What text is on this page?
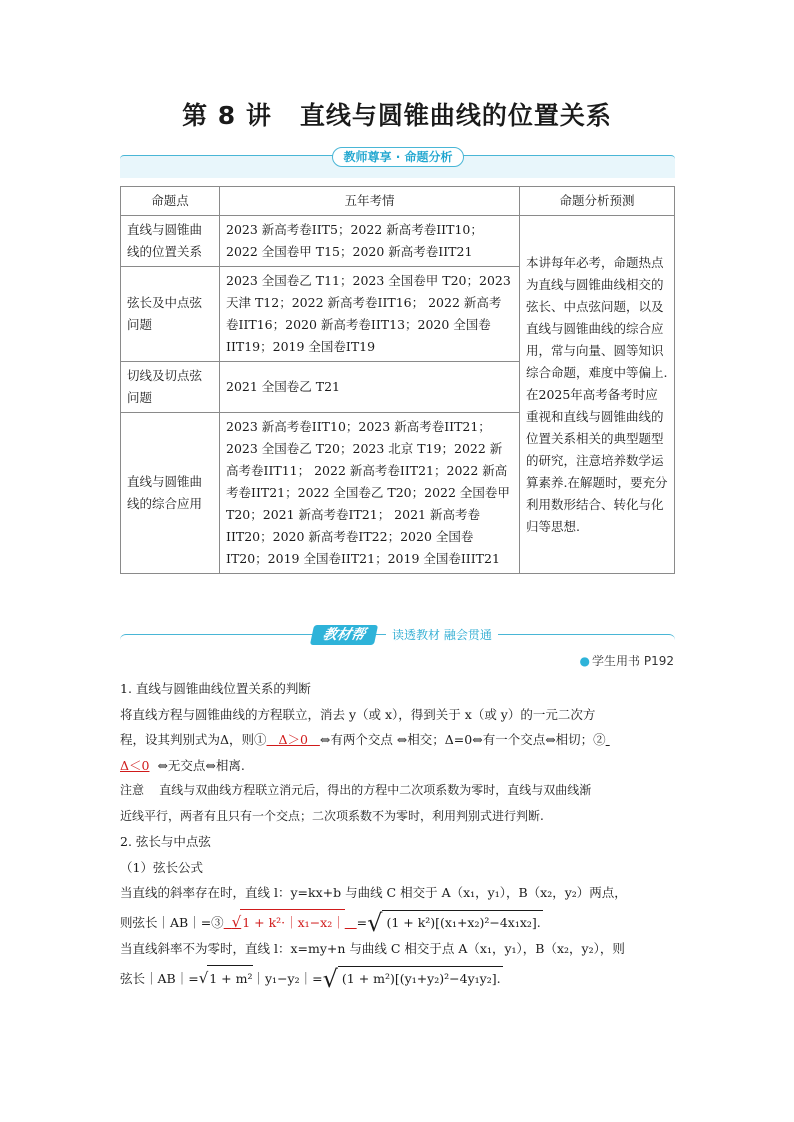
第 8 讲 直线与圆锥曲线的位置关系
教师尊享 · 命题分析
命题点	五年考情	命题分析预测
直线与圆锥曲线的位置关系	2023 新高考卷IIT5；2022 新高考卷IIT10；2022 全国卷甲 T15；2020 新高考卷IIT21	本讲每年必考，命题热点为直线与圆锥曲线相交的弦长、中点弦问题，以及直线与圆锥曲线的综合应用，常与向量、圆等知识综合命题，难度中等偏上.在2025年高考备考时应重视和直线与圆锥曲线的位置关系相关的典型题型的研究，注意培养数学运算素养.在解题时，要充分利用数形结合、转化与化归等思想.
弦长及中点弦问题	2023 全国卷乙 T11；2023 全国卷甲 T20；2023 天津 T12；2022 新高考卷IIT16； 2022 新高考卷IIT16；2020 新高考卷IIT13；2020 全国卷IIT19；2019 全国卷IT19	
切线及切点弦问题	2021 全国卷乙 T21	
直线与圆锥曲线的综合应用	2023 新高考卷IIT10；2023 新高考卷IIT21；2023 全国卷乙 T20；2023 北京 T19；2022 新高考卷IIT11； 2022 新高考卷IIT21；2022 新高考卷IIT21；2022 全国卷乙 T20；2022 全国卷甲 T20；2021 新高考卷IT21； 2021 新高考卷IIT20；2020 新高考卷IT22；2020 全国卷IT20；2019 全国卷IIT21；2019 全国卷IIIT21	
教材帮	读透教材 融会贯通
● 学生用书 P192

1. 直线与圆锥曲线位置关系的判断

将直线方程与圆锥曲线的方程联立，消去 y（或 x），得到关于 x（或 y）的一元二次方

程，设其判别式为Δ，则① Δ＞0 ⇔有两个交点 ⇔相交；Δ=0⇔有一个交点⇔相切；②

Δ＜0 ⇔无交点⇔相离.

注意 直线与双曲线方程联立消元后，得出的方程中二次项系数为零时，直线与双曲线渐

近线平行，两者有且只有一个交点；二次项系数不为零时，利用判别式进行判断.

2. 弦长与中点弦

（1）弦长公式

当直线的斜率存在时，直线 l：y=kx+b 与曲线 C 相交于 A（x₁，y₁），B（x₂，y₂）两点，

则弦长｜AB｜=③ √1 + k²·｜x₁−x₂｜ =√ (1 + k²)[(x₁+x₂)²−4x₁x₂].

当直线斜率不为零时，直线 l：x=my+n 与曲线 C 相交于点 A（x₁，y₁），B（x₂，y₂），则

弦长｜AB｜=√1 + m²｜y₁−y₂｜=√ (1 + m²)[(y₁+y₂)²−4y₁y₂].
